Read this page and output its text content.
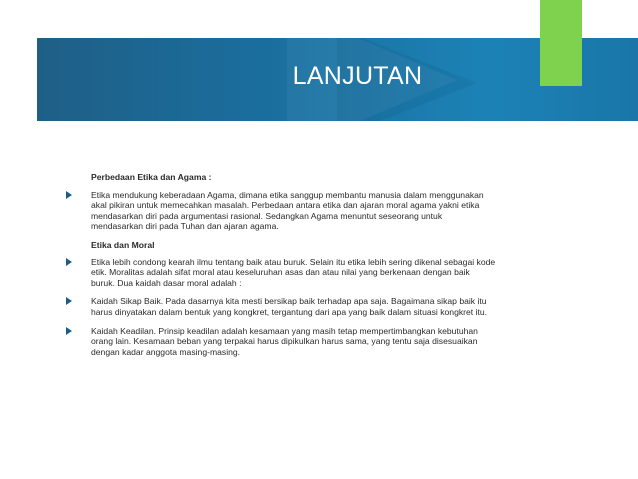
LANJUTAN
Perbedaan Etika dan Agama :
Etika mendukung keberadaan Agama, dimana etika sanggup membantu manusia dalam menggunakan akal pikiran untuk memecahkan masalah. Perbedaan antara etika dan ajaran moral agama yakni etika mendasarkan diri pada argumentasi rasional. Sedangkan Agama menuntut seseorang untuk mendasarkan diri pada Tuhan dan ajaran agama.
Etika dan Moral
Etika lebih condong kearah ilmu tentang baik atau buruk. Selain itu etika lebih sering dikenal sebagai kode etik. Moralitas adalah sifat moral atau keseluruhan asas dan atau nilai yang berkenaan dengan baik buruk. Dua kaidah dasar moral adalah :
Kaidah Sikap Baik. Pada dasarnya kita mesti bersikap baik terhadap apa saja. Bagaimana sikap baik itu harus dinyatakan dalam bentuk yang kongkret, tergantung dari apa yang baik dalam situasi kongkret itu.
Kaidah Keadilan. Prinsip keadilan adalah kesamaan yang masih tetap mempertimbangkan kebutuhan orang lain. Kesamaan beban yang terpakai harus dipikulkan harus sama, yang tentu saja disesuaikan dengan kadar anggota masing-masing.
